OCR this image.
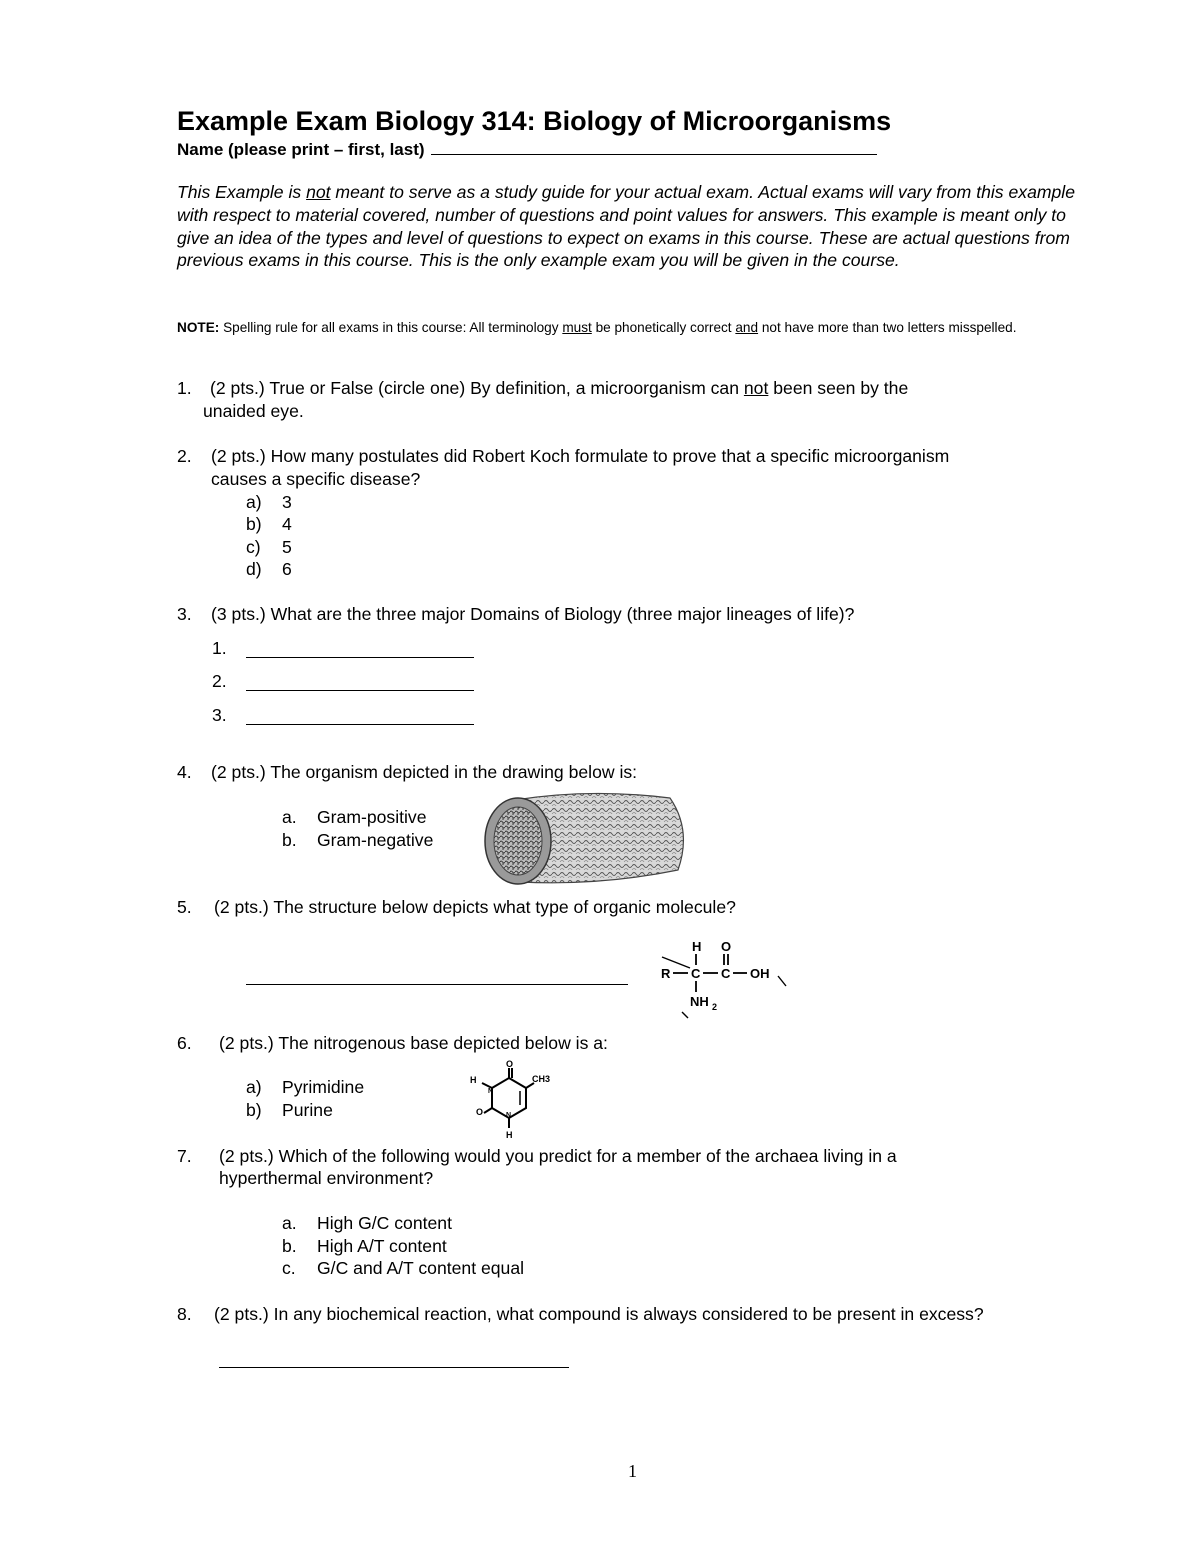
Example Exam Biology 314: Biology of Microorganisms
Name (please print – first, last)
This Example is not meant to serve as a study guide for your actual exam. Actual exams will vary from this example with respect to material covered, number of questions and point values for answers. This example is meant only to give an idea of the types and level of questions to expect on exams in this course. These are actual questions from previous exams in this course. This is the only example exam you will be given in the course.
NOTE: Spelling rule for all exams in this course: All terminology must be phonetically correct and not have more than two letters misspelled.
1. (2 pts.) True or False (circle one) By definition, a microorganism can not been seen by the
unaided eye.
2. (2 pts.) How many postulates did Robert Koch formulate to prove that a specific microorganism
causes a specific disease?
a) 3
b) 4
c) 5
d) 6
3. (3 pts.) What are the three major Domains of Biology (three major lineages of life)?
1.
2.
3.
4. (2 pts.) The organism depicted in the drawing below is:
a. Gram-positive
b. Gram-negative
5. (2 pts.) The structure below depicts what type of organic molecule?
H O
R C C OH
NH 2
6. (2 pts.) The nitrogenous base depicted below is a:
a) Pyrimidine
b) Purine
O
CH3
H
N
O	N
H
7. (2 pts.) Which of the following would you predict for a member of the archaea living in a
hyperthermal environment?
a. High G/C content
b. High A/T content
c. G/C and A/T content equal
8. (2 pts.) In any biochemical reaction, what compound is always considered to be present in excess?
1
